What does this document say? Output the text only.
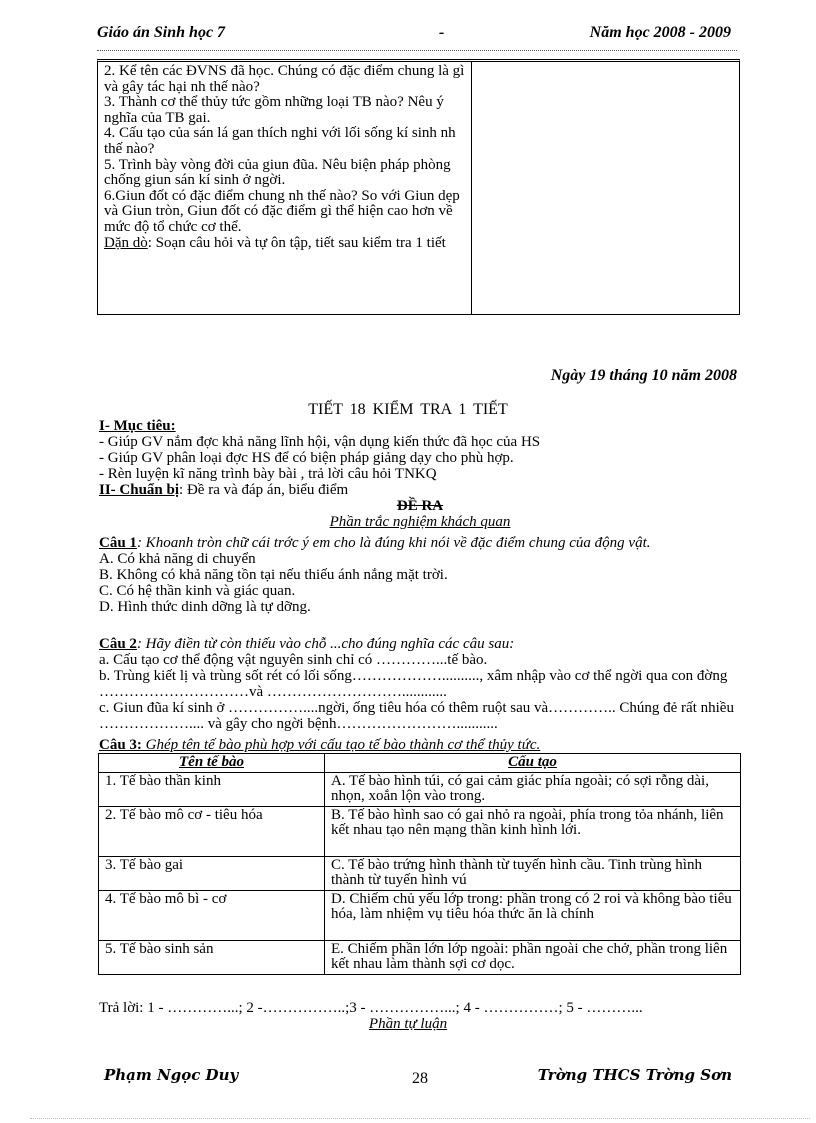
Giáo án Sinh học 7	-	Năm học 2008 - 2009

2. Kể tên các ĐVNS đã học. Chúng có đặc điểm chung là gì và gây tác hại nh thế nào?

3. Thành cơ thể thủy tức gồm những loại TB nào? Nêu ý nghĩa của TB gai.

4. Cấu tạo của sán lá gan thích nghi với lối sống kí sinh nh thế nào?

5. Trình bày vòng đời của giun đũa. Nêu biện pháp phòng chống giun sán kí sinh ở ngời.

6.Giun đốt có đặc điểm chung nh thế nào? So với Giun dẹp và Giun tròn, Giun đốt có đặc điểm gì thể hiện cao hơn về mức độ tổ chức cơ thể.

Dặn dò: Soạn câu hỏi và tự ôn tập, tiết sau kiểm tra 1 tiết

Ngày 19 tháng 10 năm 2008
TIẾT 18 KIỂM TRA 1 TIẾT
I- Mục tiêu:
- Giúp GV nắm đợc khả năng lĩnh hội, vận dụng kiến thức đã học của HS
- Giúp GV phân loại đợc HS để có biện pháp giảng dạy cho phù hợp.
- Rèn luyện kĩ năng trình bày bài , trả lời câu hỏi TNKQ
II- Chuẩn bị: Đề ra và đáp án, biểu điểm
ĐỀ RA
Phần trắc nghiệm khách quan
Câu 1: Khoanh tròn chữ cái trớc ý em cho là đúng khi nói về đặc điểm chung của động vật.
A. Có khả năng di chuyển
B. Không có khả năng tồn tại nếu thiếu ánh nắng mặt trời.
C. Có hệ thần kinh và giác quan.
D. Hình thức dinh dỡng là tự dỡng.
Câu 2: Hãy điền từ còn thiếu vào chỗ ...cho đúng nghĩa các câu sau:
a. Cấu tạo cơ thể động vật nguyên sinh chỉ có …………...tế bào.
b. Trùng kiết lị và trùng sốt rét có lối sống……………….........., xâm nhập vào cơ thể ngời qua con đờng …………………………và ………………………............
c. Giun đũa kí sinh ở ……………....ngời, ống tiêu hóa có thêm ruột sau và………….. Chúng đẻ rất nhiều ……………….... và gây cho ngời bệnh……………………...........
Câu 3: Ghép tên tế bào phù hợp với cấu tạo tế bào thành cơ thể thủy tức.
Tên tế bào	Cấu tạo
1. Tế bào thần kinh	A. Tế bào hình túi, có gai cảm giác phía ngoài; có sợi rỗng dài, nhọn, xoắn lộn vào trong.
2. Tế bào mô cơ - tiêu hóa	B. Tế bào hình sao có gai nhỏ ra ngoài, phía trong tỏa nhánh, liên kết nhau tạo nên mạng thần kinh hình lới.
3. Tế bào gai	C. Tế bào trứng hình thành từ tuyến hình cầu. Tinh trùng hình thành từ tuyến hình vú
4. Tế bào mô bì - cơ	D. Chiếm chủ yếu lớp trong: phần trong có 2 roi và không bào tiêu hóa, làm nhiệm vụ tiêu hóa thức ăn là chính
5. Tế bào sinh sản	E. Chiếm phần lớn lớp ngoài: phần ngoài che chở, phần trong liên kết nhau làm thành sợi cơ dọc.
Trả lời: 1 - …………...; 2 -……………..;3 - ……………...; 4 - ……………; 5 - ………...
Phần tự luận
Phạm Ngọc Duy	28	Trờng THCS Trờng Sơn
